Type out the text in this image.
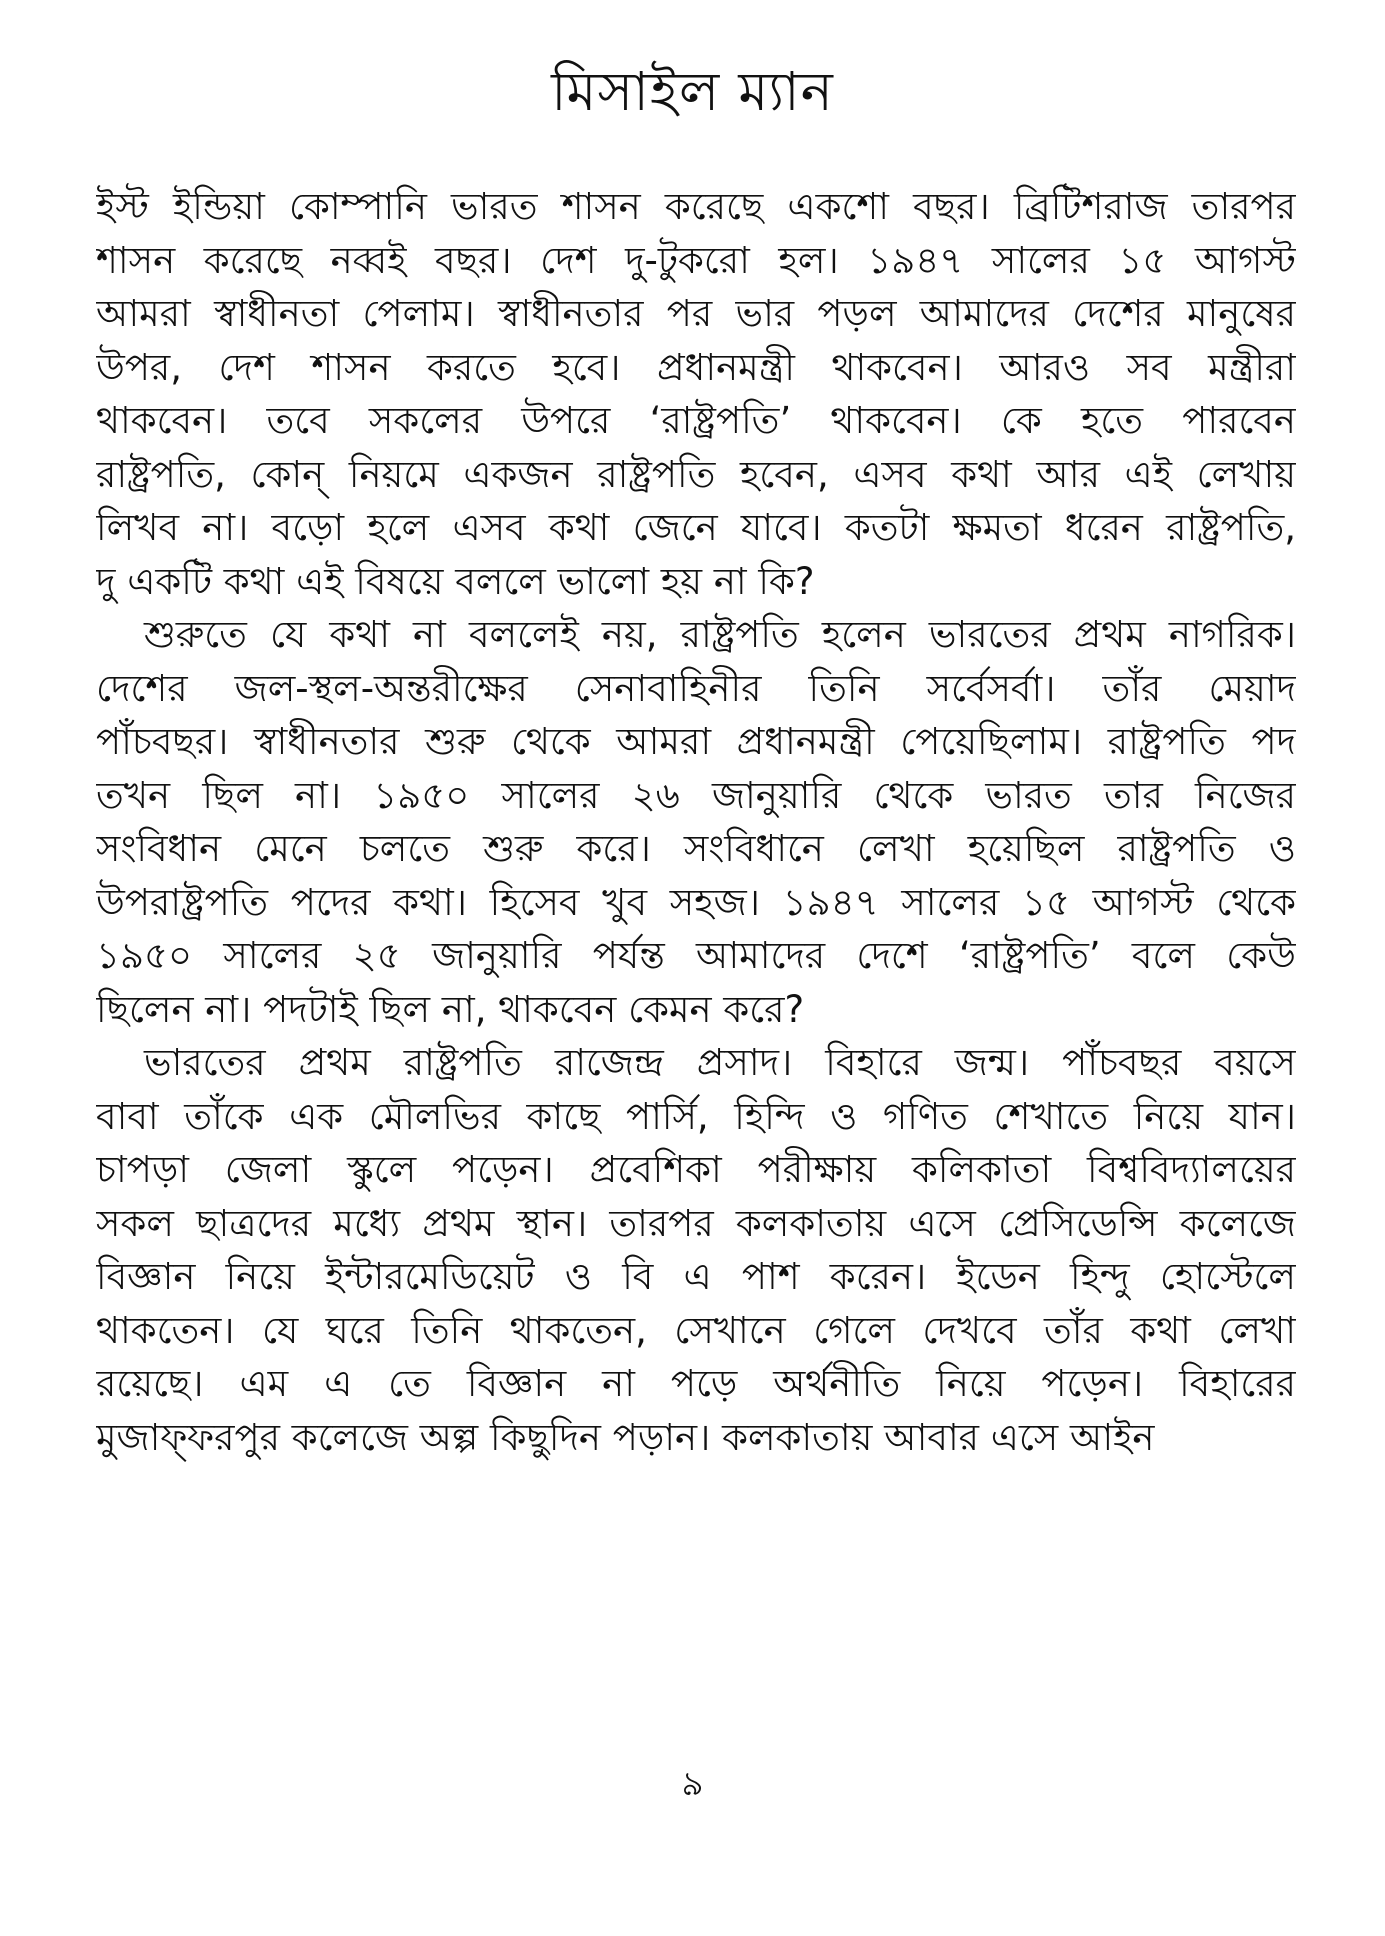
মিসাইল ম্যান

ইস্ট ইন্ডিয়া কোম্পানি ভারত শাসন করেছে একশো বছর। ব্রিটিশরাজ তারপর
শাসন করেছে নব্বই বছর। দেশ দু-টুকরো হল। ১৯৪৭ সালের ১৫ আগস্ট
আমরা স্বাধীনতা পেলাম। স্বাধীনতার পর ভার পড়ল আমাদের দেশের মানুষের
উপর, দেশ শাসন করতে হবে। প্রধানমন্ত্রী থাকবেন। আরও সব মন্ত্রীরা
থাকবেন। তবে সকলের উপরে ‘রাষ্ট্রপতি’ থাকবেন। কে হতে পারবেন
রাষ্ট্রপতি, কোন্ নিয়মে একজন রাষ্ট্রপতি হবেন, এসব কথা আর এই লেখায়
লিখব না। বড়ো হলে এসব কথা জেনে যাবে। কতটা ক্ষমতা ধরেন রাষ্ট্রপতি,
দু একটি কথা এই বিষয়ে বললে ভালো হয় না কি?

শুরুতে যে কথা না বললেই নয়, রাষ্ট্রপতি হলেন ভারতের প্রথম নাগরিক।
দেশের জল-স্থল-অন্তরীক্ষের সেনাবাহিনীর তিনি সর্বেসর্বা। তাঁর মেয়াদ
পাঁচবছর। স্বাধীনতার শুরু থেকে আমরা প্রধানমন্ত্রী পেয়েছিলাম। রাষ্ট্রপতি পদ
তখন ছিল না। ১৯৫০ সালের ২৬ জানুয়ারি থেকে ভারত তার নিজের
সংবিধান মেনে চলতে শুরু করে। সংবিধানে লেখা হয়েছিল রাষ্ট্রপতি ও
উপরাষ্ট্রপতি পদের কথা। হিসেব খুব সহজ। ১৯৪৭ সালের ১৫ আগস্ট থেকে
১৯৫০ সালের ২৫ জানুয়ারি পর্যন্ত আমাদের দেশে ‘রাষ্ট্রপতি’ বলে কেউ
ছিলেন না। পদটাই ছিল না, থাকবেন কেমন করে?

ভারতের প্রথম রাষ্ট্রপতি রাজেন্দ্র প্রসাদ। বিহারে জন্ম। পাঁচবছর বয়সে
বাবা তাঁকে এক মৌলভির কাছে পার্সি, হিন্দি ও গণিত শেখাতে নিয়ে যান।
চাপড়া জেলা স্কুলে পড়েন। প্রবেশিকা পরীক্ষায় কলিকাতা বিশ্ববিদ্যালয়ের
সকল ছাত্রদের মধ্যে প্রথম স্থান। তারপর কলকাতায় এসে প্রেসিডেন্সি কলেজে
বিজ্ঞান নিয়ে ইন্টারমেডিয়েট ও বি এ পাশ করেন। ইডেন হিন্দু হোস্টেলে
থাকতেন। যে ঘরে তিনি থাকতেন, সেখানে গেলে দেখবে তাঁর কথা লেখা
রয়েছে। এম এ তে বিজ্ঞান না পড়ে অর্থনীতি নিয়ে পড়েন। বিহারের
মুজাফ্ফরপুর কলেজে অল্প কিছুদিন পড়ান। কলকাতায় আবার এসে আইন

৯
